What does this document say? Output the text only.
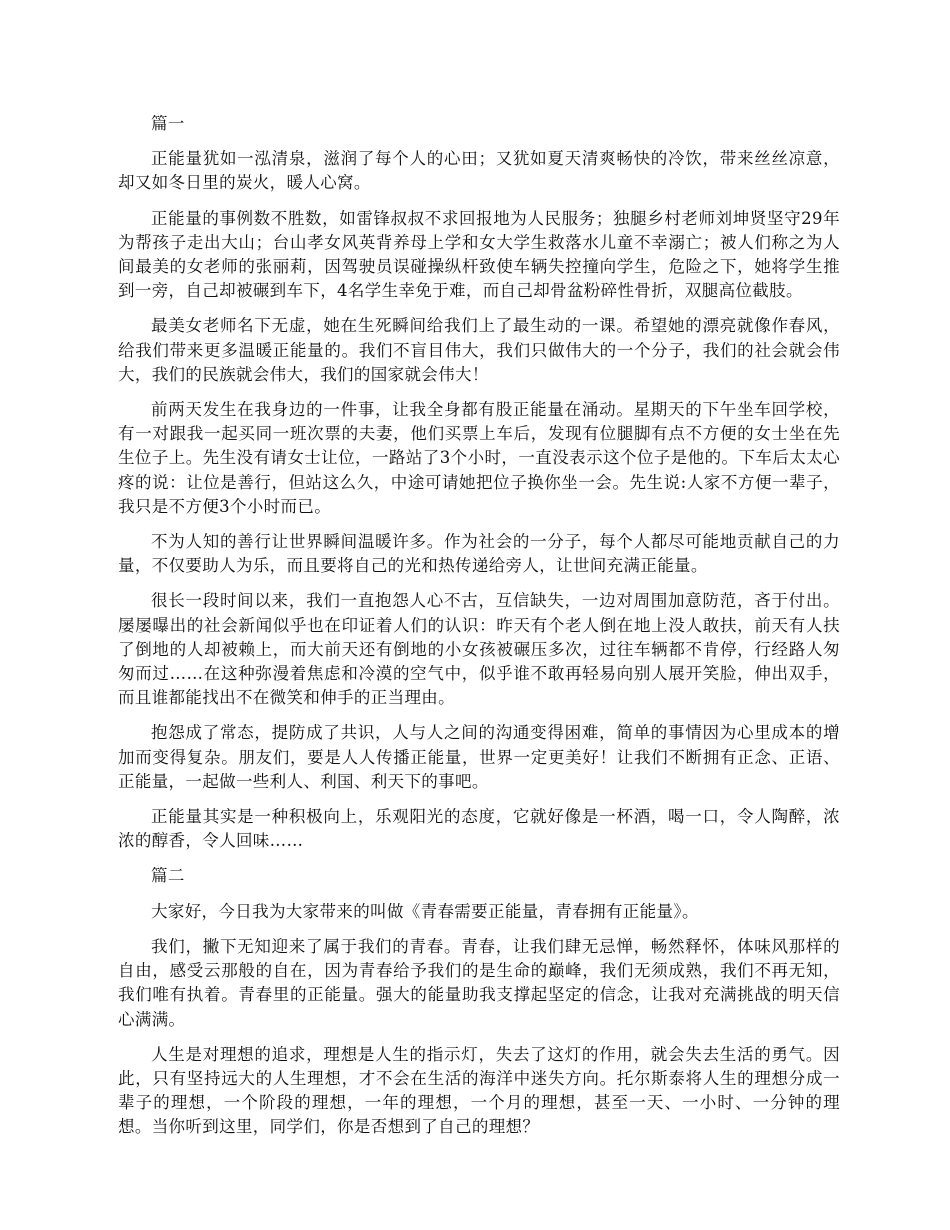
篇一

正能量犹如一泓清泉，滋润了每个人的心田；又犹如夏天清爽畅快的冷饮，带来丝丝凉意，却又如冬日里的炭火，暖人心窝。

正能量的事例数不胜数，如雷锋叔叔不求回报地为人民服务；独腿乡村老师刘坤贤坚守29年为帮孩子走出大山；台山孝女风英背养母上学和女大学生救落水儿童不幸溺亡；被人们称之为人间最美的女老师的张丽莉，因驾驶员误碰操纵杆致使车辆失控撞向学生，危险之下，她将学生推到一旁，自己却被碾到车下，4名学生幸免于难，而自己却骨盆粉碎性骨折，双腿高位截肢。

最美女老师名下无虚，她在生死瞬间给我们上了最生动的一课。希望她的漂亮就像作春风，给我们带来更多温暖正能量的。我们不盲目伟大，我们只做伟大的一个分子，我们的社会就会伟大，我们的民族就会伟大，我们的国家就会伟大！

前两天发生在我身边的一件事，让我全身都有股正能量在涌动。星期天的下午坐车回学校，有一对跟我一起买同一班次票的夫妻，他们买票上车后，发现有位腿脚有点不方便的女士坐在先生位子上。先生没有请女士让位，一路站了3个小时，一直没表示这个位子是他的。下车后太太心疼的说：让位是善行，但站这么久，中途可请她把位子换你坐一会。先生说:人家不方便一辈子，我只是不方便3个小时而已。

不为人知的善行让世界瞬间温暖许多。作为社会的一分子，每个人都尽可能地贡献自己的力量，不仅要助人为乐，而且要将自己的光和热传递给旁人，让世间充满正能量。

很长一段时间以来，我们一直抱怨人心不古，互信缺失，一边对周围加意防范，吝于付出。屡屡曝出的社会新闻似乎也在印证着人们的认识：昨天有个老人倒在地上没人敢扶，前天有人扶了倒地的人却被赖上，而大前天还有倒地的小女孩被碾压多次，过往车辆都不肯停，行经路人匆匆而过……在这种弥漫着焦虑和冷漠的空气中，似乎谁不敢再轻易向别人展开笑脸，伸出双手，而且谁都能找出不在微笑和伸手的正当理由。

抱怨成了常态，提防成了共识，人与人之间的沟通变得困难，简单的事情因为心里成本的增加而变得复杂。朋友们，要是人人传播正能量，世界一定更美好！让我们不断拥有正念、正语、正能量，一起做一些利人、利国、利天下的事吧。

正能量其实是一种积极向上，乐观阳光的态度，它就好像是一杯酒，喝一口，令人陶醉，浓浓的醇香，令人回味……

篇二

大家好，今日我为大家带来的叫做《青春需要正能量，青春拥有正能量》。

我们，撇下无知迎来了属于我们的青春。青春，让我们肆无忌惮，畅然释怀，体味风那样的自由，感受云那般的自在，因为青春给予我们的是生命的巅峰，我们无须成熟，我们不再无知，我们唯有执着。青春里的正能量。强大的能量助我支撑起坚定的信念，让我对充满挑战的明天信心满满。

人生是对理想的追求，理想是人生的指示灯，失去了这灯的作用，就会失去生活的勇气。因此，只有坚持远大的人生理想，才不会在生活的海洋中迷失方向。托尔斯泰将人生的理想分成一辈子的理想，一个阶段的理想，一年的理想，一个月的理想，甚至一天、一小时、一分钟的理想。当你听到这里，同学们，你是否想到了自己的理想？
